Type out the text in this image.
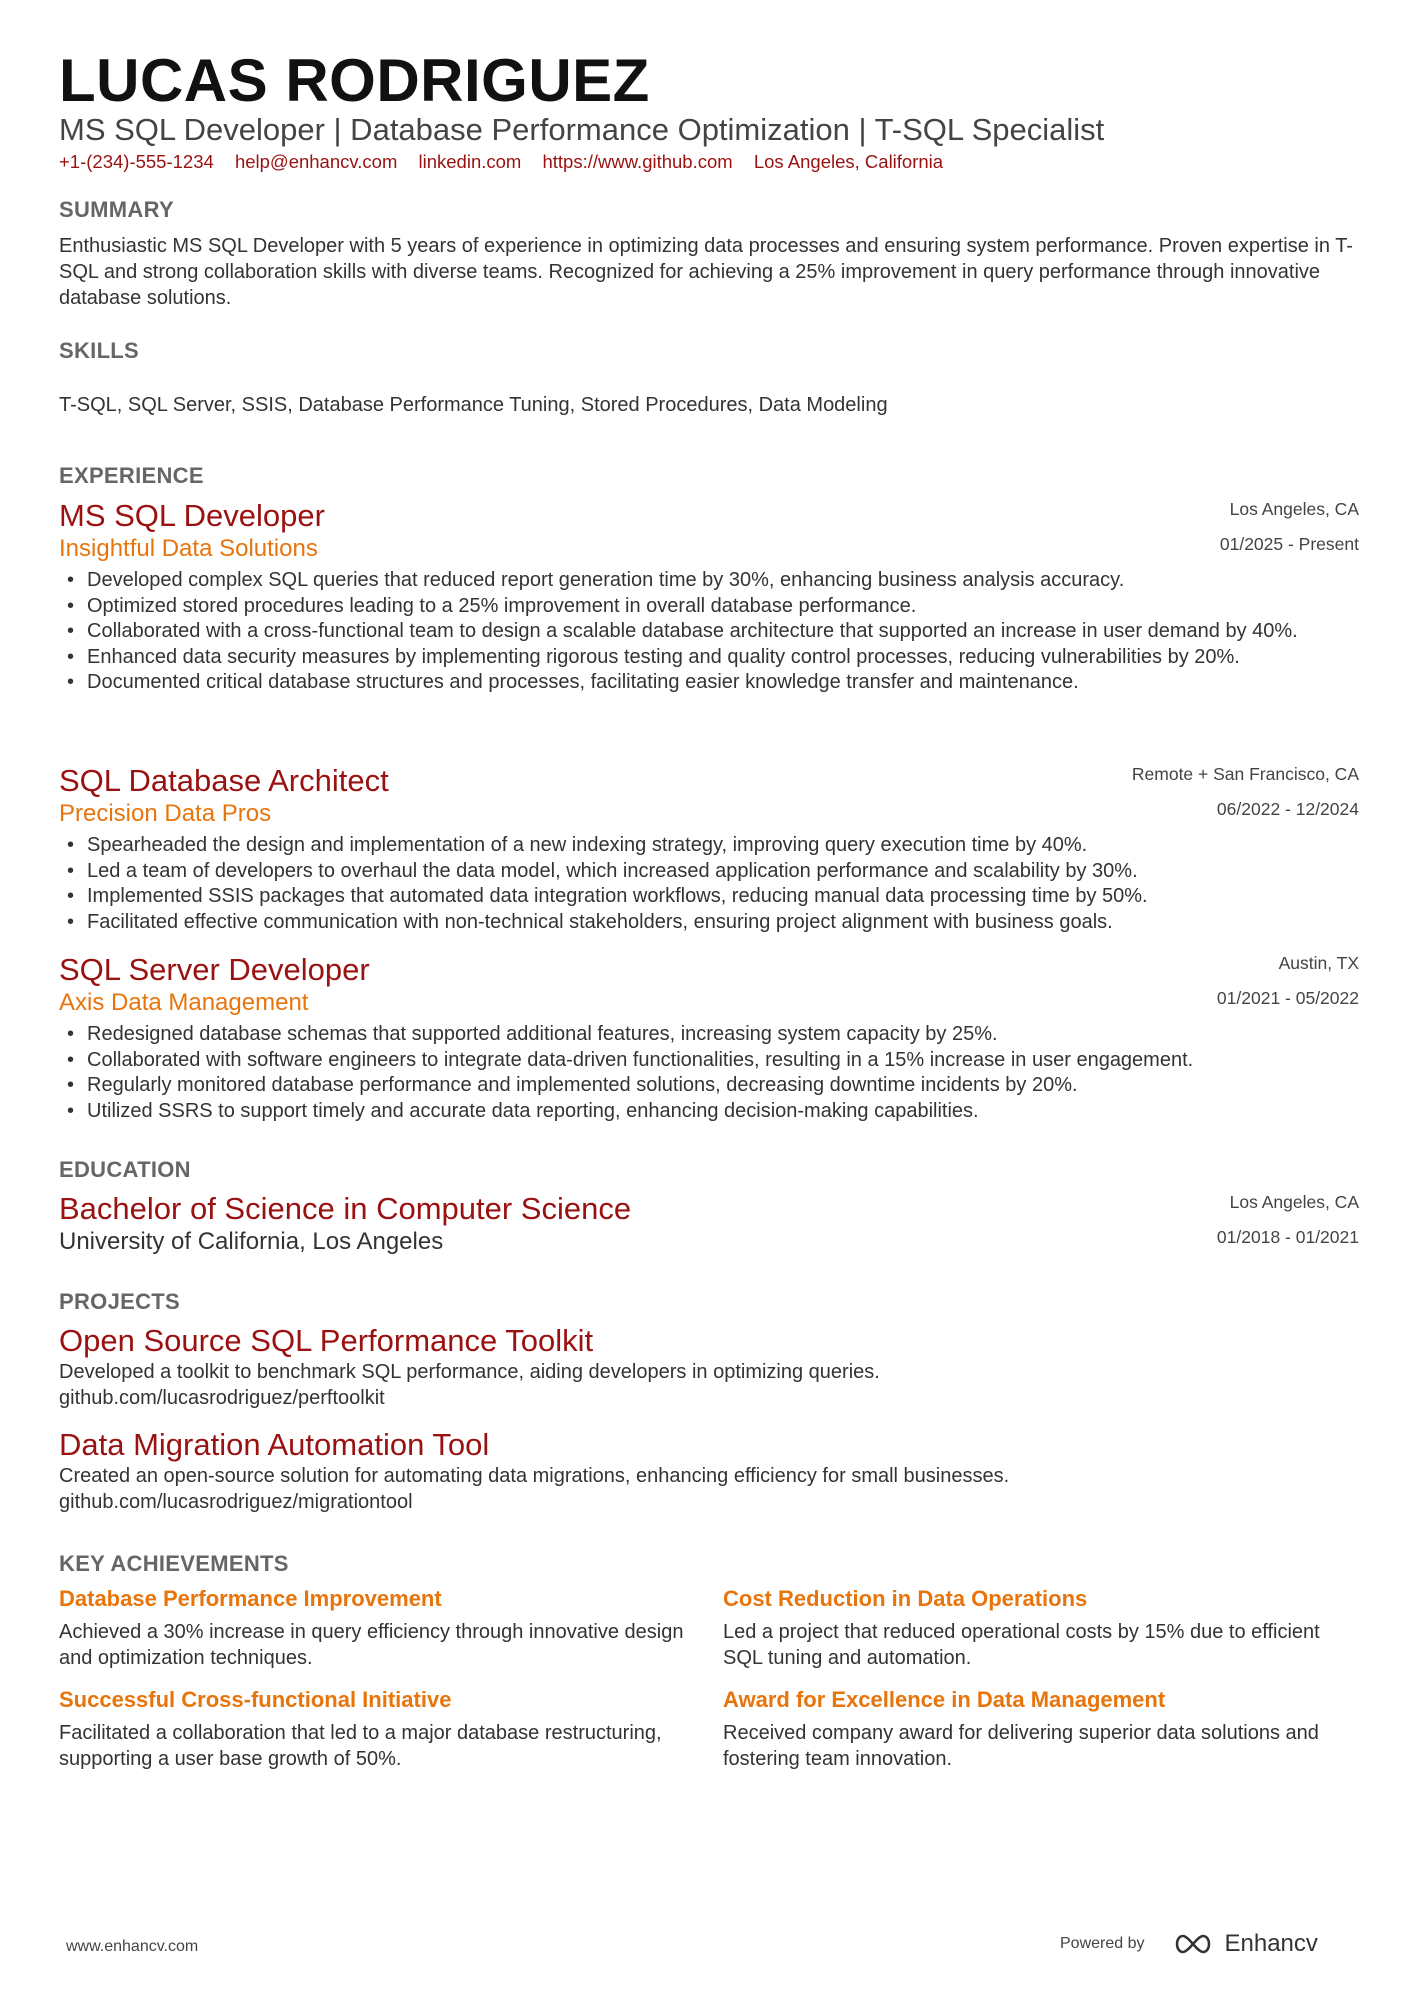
LUCAS RODRIGUEZ
MS SQL Developer | Database Performance Optimization | T-SQL Specialist
+1-(234)-555-1234 help@enhancv.com linkedin.com https://www.github.com Los Angeles, California
SUMMARY
Enthusiastic MS SQL Developer with 5 years of experience in optimizing data processes and ensuring system performance. Proven expertise in T-SQL and strong collaboration skills with diverse teams. Recognized for achieving a 25% improvement in query performance through innovative database solutions.
SKILLS
T-SQL, SQL Server, SSIS, Database Performance Tuning, Stored Procedures, Data Modeling
EXPERIENCE
MS SQL Developer
Insightful Data Solutions
Los Angeles, CA
01/2025 - Present
• Developed complex SQL queries that reduced report generation time by 30%, enhancing business analysis accuracy.
• Optimized stored procedures leading to a 25% improvement in overall database performance.
• Collaborated with a cross-functional team to design a scalable database architecture that supported an increase in user demand by 40%.
• Enhanced data security measures by implementing rigorous testing and quality control processes, reducing vulnerabilities by 20%.
• Documented critical database structures and processes, facilitating easier knowledge transfer and maintenance.
SQL Database Architect
Precision Data Pros
Remote + San Francisco, CA
06/2022 - 12/2024
• Spearheaded the design and implementation of a new indexing strategy, improving query execution time by 40%.
• Led a team of developers to overhaul the data model, which increased application performance and scalability by 30%.
• Implemented SSIS packages that automated data integration workflows, reducing manual data processing time by 50%.
• Facilitated effective communication with non-technical stakeholders, ensuring project alignment with business goals.
SQL Server Developer
Axis Data Management
Austin, TX
01/2021 - 05/2022
• Redesigned database schemas that supported additional features, increasing system capacity by 25%.
• Collaborated with software engineers to integrate data-driven functionalities, resulting in a 15% increase in user engagement.
• Regularly monitored database performance and implemented solutions, decreasing downtime incidents by 20%.
• Utilized SSRS to support timely and accurate data reporting, enhancing decision-making capabilities.
EDUCATION
Bachelor of Science in Computer Science
University of California, Los Angeles
Los Angeles, CA
01/2018 - 01/2021
PROJECTS
Open Source SQL Performance Toolkit
Developed a toolkit to benchmark SQL performance, aiding developers in optimizing queries.
github.com/lucasrodriguez/perftoolkit
Data Migration Automation Tool
Created an open-source solution for automating data migrations, enhancing efficiency for small businesses.
github.com/lucasrodriguez/migrationtool
KEY ACHIEVEMENTS
Database Performance Improvement
Achieved a 30% increase in query efficiency through innovative design and optimization techniques.
Cost Reduction in Data Operations
Led a project that reduced operational costs by 15% due to efficient SQL tuning and automation.
Successful Cross-functional Initiative
Facilitated a collaboration that led to a major database restructuring, supporting a user base growth of 50%.
Award for Excellence in Data Management
Received company award for delivering superior data solutions and fostering team innovation.
www.enhancv.com	Powered by	Enhancv
